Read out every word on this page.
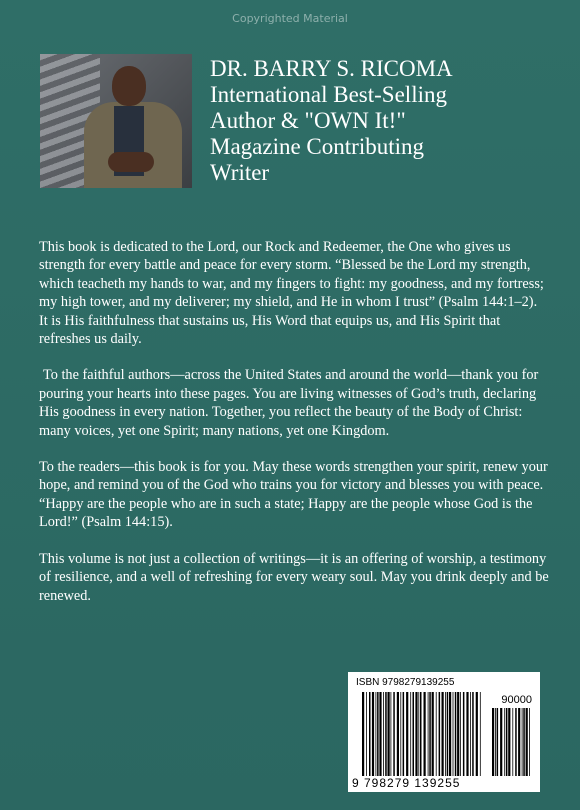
Copyrighted Material
DR. BARRY S. RICOMA
International Best-Selling
Author & "OWN It!"
Magazine Contributing
Writer

This book is dedicated to the Lord, our Rock and Redeemer, the One who gives us strength for every battle and peace for every storm. “Blessed be the Lord my strength, which teacheth my hands to war, and my fingers to fight: my goodness, and my fortress; my high tower, and my deliverer; my shield, and He in whom I trust” (Psalm 144:1–2). It is His faithfulness that sustains us, His Word that equips us, and His Spirit that refreshes us daily.

To the faithful authors—across the United States and around the world—thank you for pouring your hearts into these pages. You are living witnesses of God’s truth, declaring His goodness in every nation. Together, you reflect the beauty of the Body of Christ: many voices, yet one Spirit; many nations, yet one Kingdom.

To the readers—this book is for you. May these words strengthen your spirit, renew your hope, and remind you of the God who trains you for victory and blesses you with peace. “Happy are the people who are in such a state; Happy are the people whose God is the Lord!” (Psalm 144:15).

This volume is not just a collection of writings—it is an offering of worship, a testimony of resilience, and a well of refreshing for every weary soul. May you drink deeply and be renewed.

ISBN 9798279139255
90000
9 798279 139255
